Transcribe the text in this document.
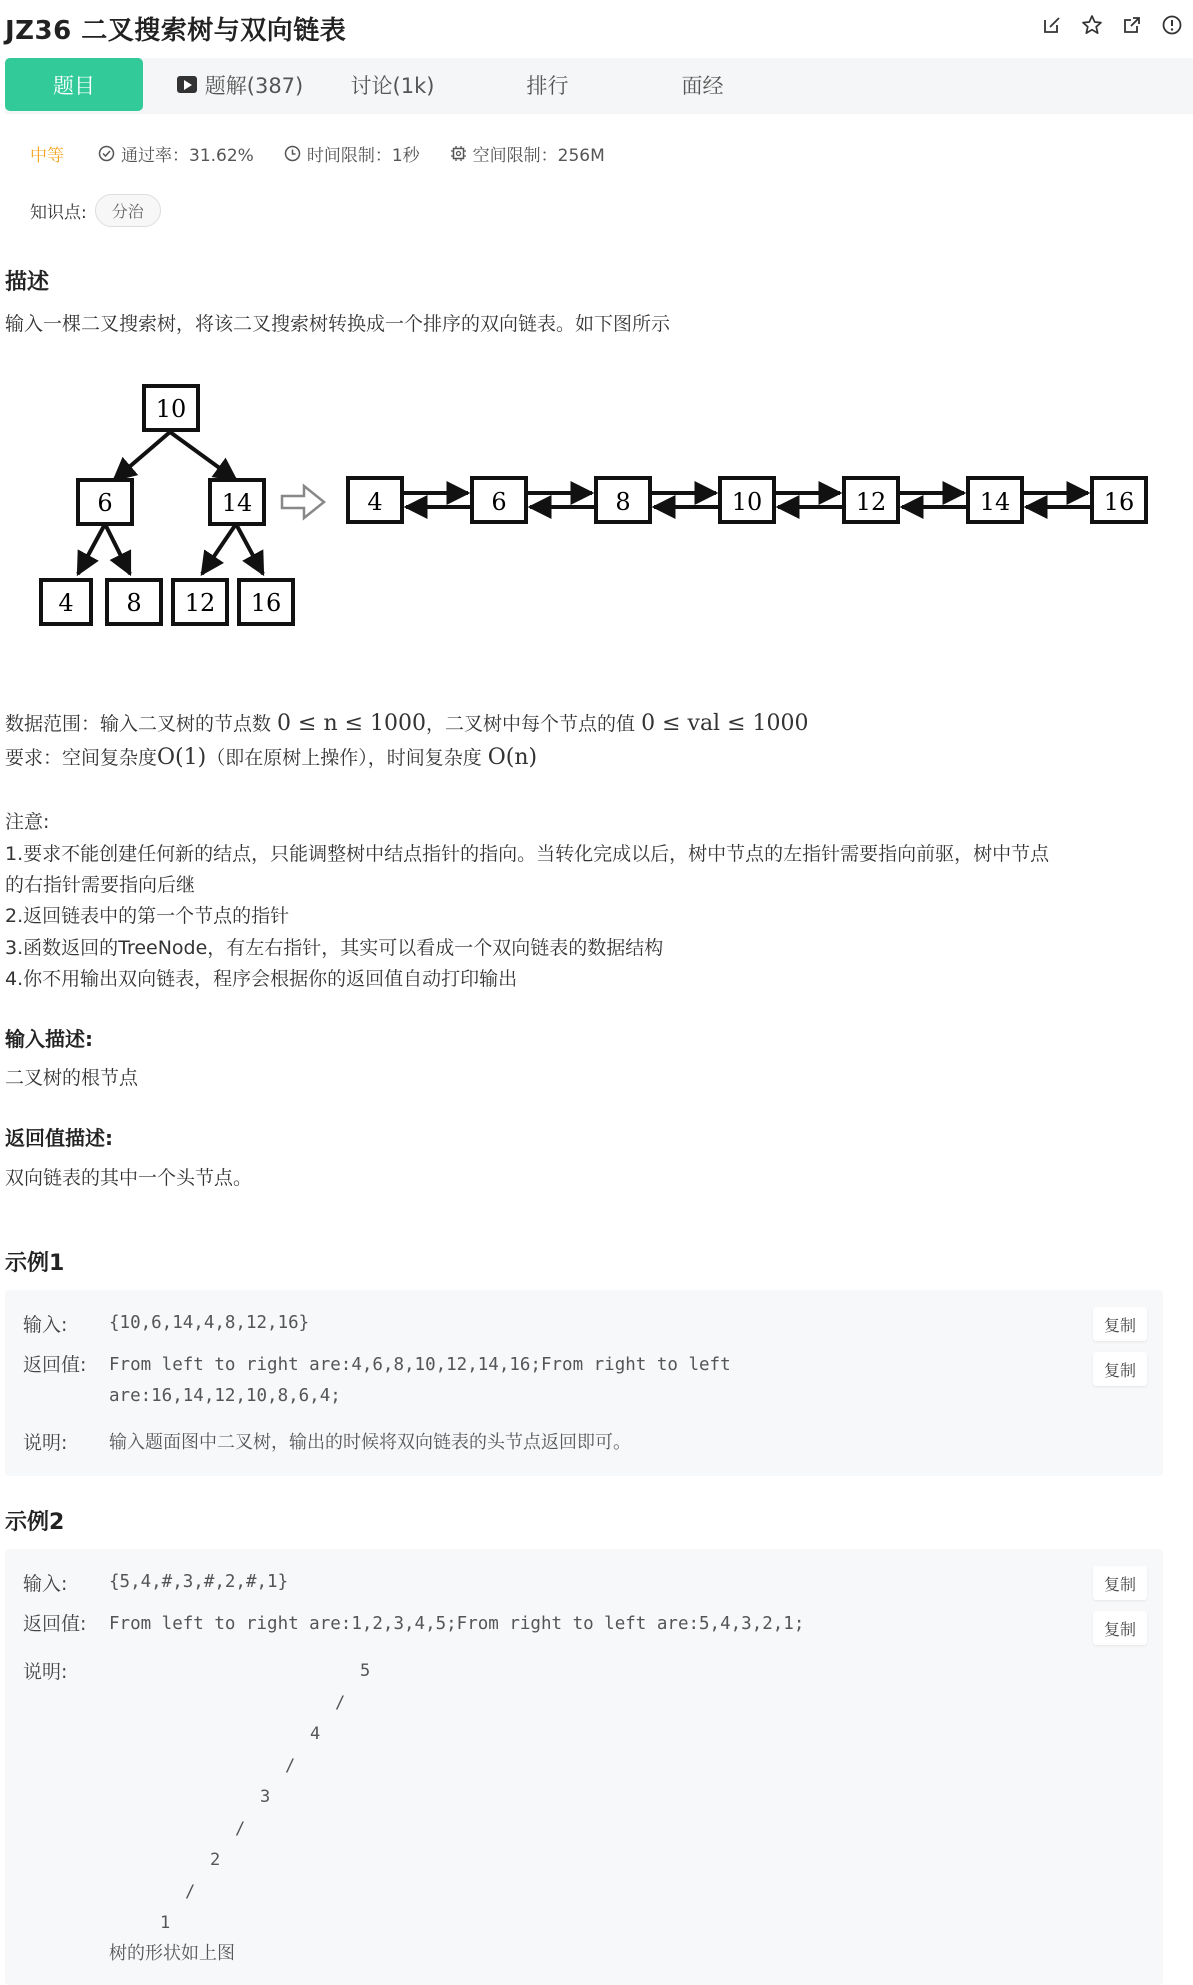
JZ36 二叉搜索树与双向链表
题目	题解(387)	讨论(1k)	排行	面经
中等	通过率：31.62%	时间限制：1秒	空间限制：256M
知识点:	分治
描述
输入一棵二叉搜索树，将该二叉搜索树转换成一个排序的双向链表。如下图所示
10
6	14
4 8 12 16
4	6	8	10	12	14	16
数据范围：输入二叉树的节点数 0 ≤ n ≤ 1000，二叉树中每个节点的值 0 ≤ val ≤ 1000
要求：空间复杂度O(1)（即在原树上操作），时间复杂度 O(n)
注意:
1.要求不能创建任何新的结点，只能调整树中结点指针的指向。当转化完成以后，树中节点的左指针需要指向前驱，树中节点
的右指针需要指向后继
2.返回链表中的第一个节点的指针
3.函数返回的TreeNode，有左右指针，其实可以看成一个双向链表的数据结构
4.你不用输出双向链表，程序会根据你的返回值自动打印输出
输入描述:
二叉树的根节点
返回值描述:
双向链表的其中一个头节点。
示例1
输入:	{10,6,14,4,8,12,16}	复制
返回值:	From left to right are:4,6,8,10,12,14,16;From right to left
are:16,14,12,10,8,6,4;
复制
说明:	输入题面图中二叉树，输出的时候将双向链表的头节点返回即可。
示例2
输入:	{5,4,#,3,#,2,#,1}	复制
返回值:	From left to right are:1,2,3,4,5;From right to left are:5,4,3,2,1;	复制
说明:	5
/
4
/
3
/
2
/
1
树的形状如上图
